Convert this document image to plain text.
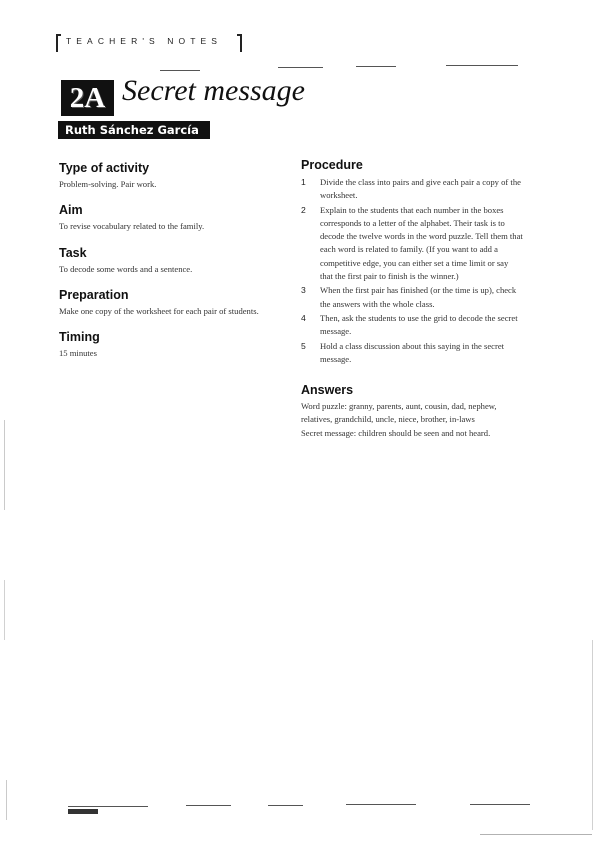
TEACHER'S NOTES
2A Secret message
Ruth Sánchez García
Type of activity

Problem-solving. Pair work.

Aim

To revise vocabulary related to the family.

Task

To decode some words and a sentence.

Preparation

Make one copy of the worksheet for each pair of students.

Timing

15 minutes

Procedure
1 Divide the class into pairs and give each pair a copy of the worksheet.
2 Explain to the students that each number in the boxes corresponds to a letter of the alphabet. Their task is to decode the twelve words in the word puzzle. Tell them that each word is related to family. (If you want to add a competitive edge, you can either set a time limit or say that the first pair to finish is the winner.)
3 When the first pair has finished (or the time is up), check the answers with the whole class.
4 Then, ask the students to use the grid to decode the secret message.
5 Hold a class discussion about this saying in the secret message.
Answers

Word puzzle: granny, parents, aunt, cousin, dad, nephew, relatives, grandchild, uncle, niece, brother, in-laws

Secret message: children should be seen and not heard.
